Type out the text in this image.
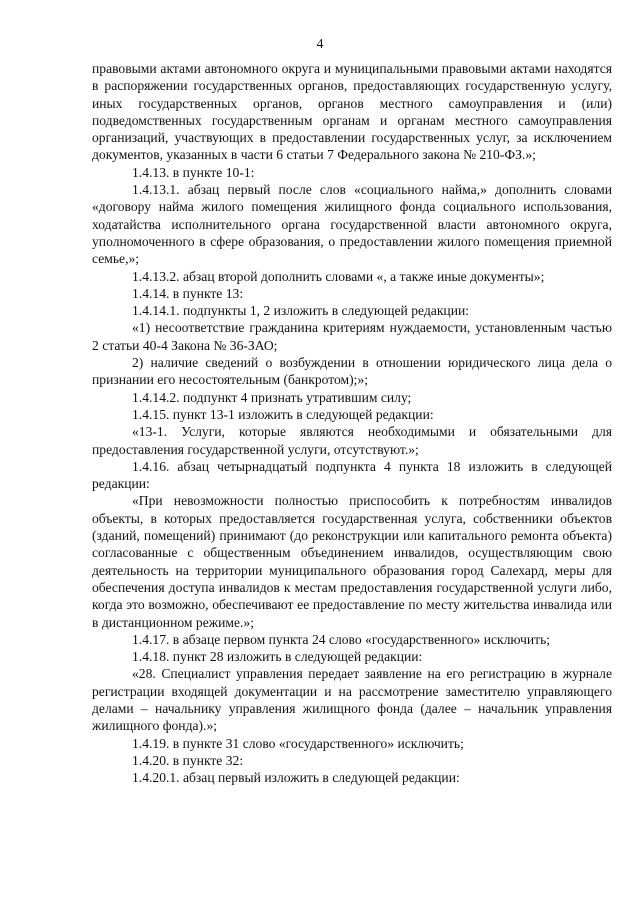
4

правовыми актами автономного округа и муниципальными правовыми актами находятся в распоряжении государственных органов, предоставляющих государственную услугу, иных государственных органов, органов местного самоуправления и (или) подведомственных государственным органам и органам местного самоуправления организаций, участвующих в предоставлении государственных услуг, за исключением документов, указанных в части 6 статьи 7 Федерального закона № 210-ФЗ.»;

1.4.13. в пункте 10-1:

1.4.13.1. абзац первый после слов «социального найма,» дополнить словами «договору найма жилого помещения жилищного фонда социального использования, ходатайства исполнительного органа государственной власти автономного округа, уполномоченного в сфере образования, о предоставлении жилого помещения приемной семье,»;

1.4.13.2. абзац второй дополнить словами «, а также иные документы»;

1.4.14. в пункте 13:

1.4.14.1. подпункты 1, 2 изложить в следующей редакции:

«1) несоответствие гражданина критериям нуждаемости, установленным частью 2 статьи 40-4 Закона № 36-ЗАО;

2) наличие сведений о возбуждении в отношении юридического лица дела о признании его несостоятельным (банкротом);»;

1.4.14.2. подпункт 4 признать утратившим силу;

1.4.15. пункт 13-1 изложить в следующей редакции:

«13-1. Услуги, которые являются необходимыми и обязательными для предоставления государственной услуги, отсутствуют.»;

1.4.16. абзац четырнадцатый подпункта 4 пункта 18 изложить в следующей редакции:

«При невозможности полностью приспособить к потребностям инвалидов объекты, в которых предоставляется государственная услуга, собственники объектов (зданий, помещений) принимают (до реконструкции или капитального ремонта объекта) согласованные с общественным объединением инвалидов, осуществляющим свою деятельность на территории муниципального образования город Салехард, меры для обеспечения доступа инвалидов к местам предоставления государственной услуги либо, когда это возможно, обеспечивают ее предоставление по месту жительства инвалида или в дистанционном режиме.»;

1.4.17. в абзаце первом пункта 24 слово «государственного» исключить;

1.4.18. пункт 28 изложить в следующей редакции:

«28. Специалист управления передает заявление на его регистрацию в журнале регистрации входящей документации и на рассмотрение заместителю управляющего делами – начальнику управления жилищного фонда (далее – начальник управления жилищного фонда).»;

1.4.19. в пункте 31 слово «государственного» исключить;

1.4.20. в пункте 32:

1.4.20.1. абзац первый изложить в следующей редакции:
